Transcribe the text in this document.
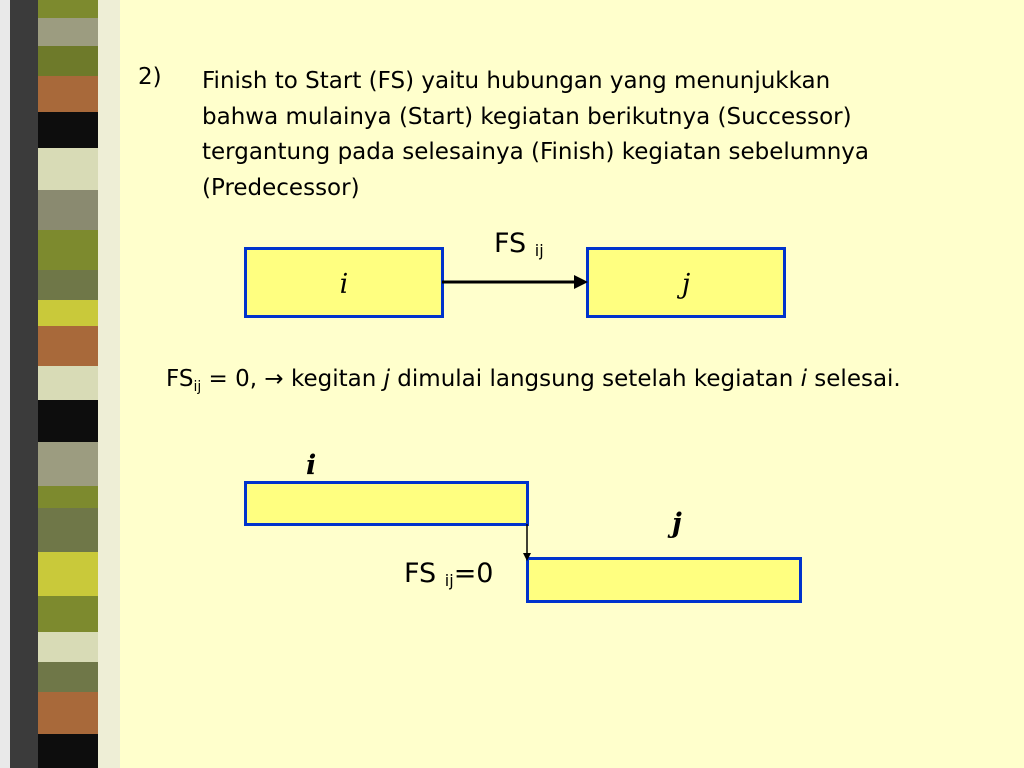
2) Finish to Start (FS) yaitu hubungan yang menunjukkan
bahwa mulainya (Start) kegiatan berikutnya (Successor)
tergantung pada selesainya (Finish) kegiatan sebelumnya
(Predecessor)
FS $_{ij}$
i	j
$FS_{ij} = 0$, → kegitan j dimulai langsung setelah kegiatan i selesai.
i
j
FS $_{ij}$=0
